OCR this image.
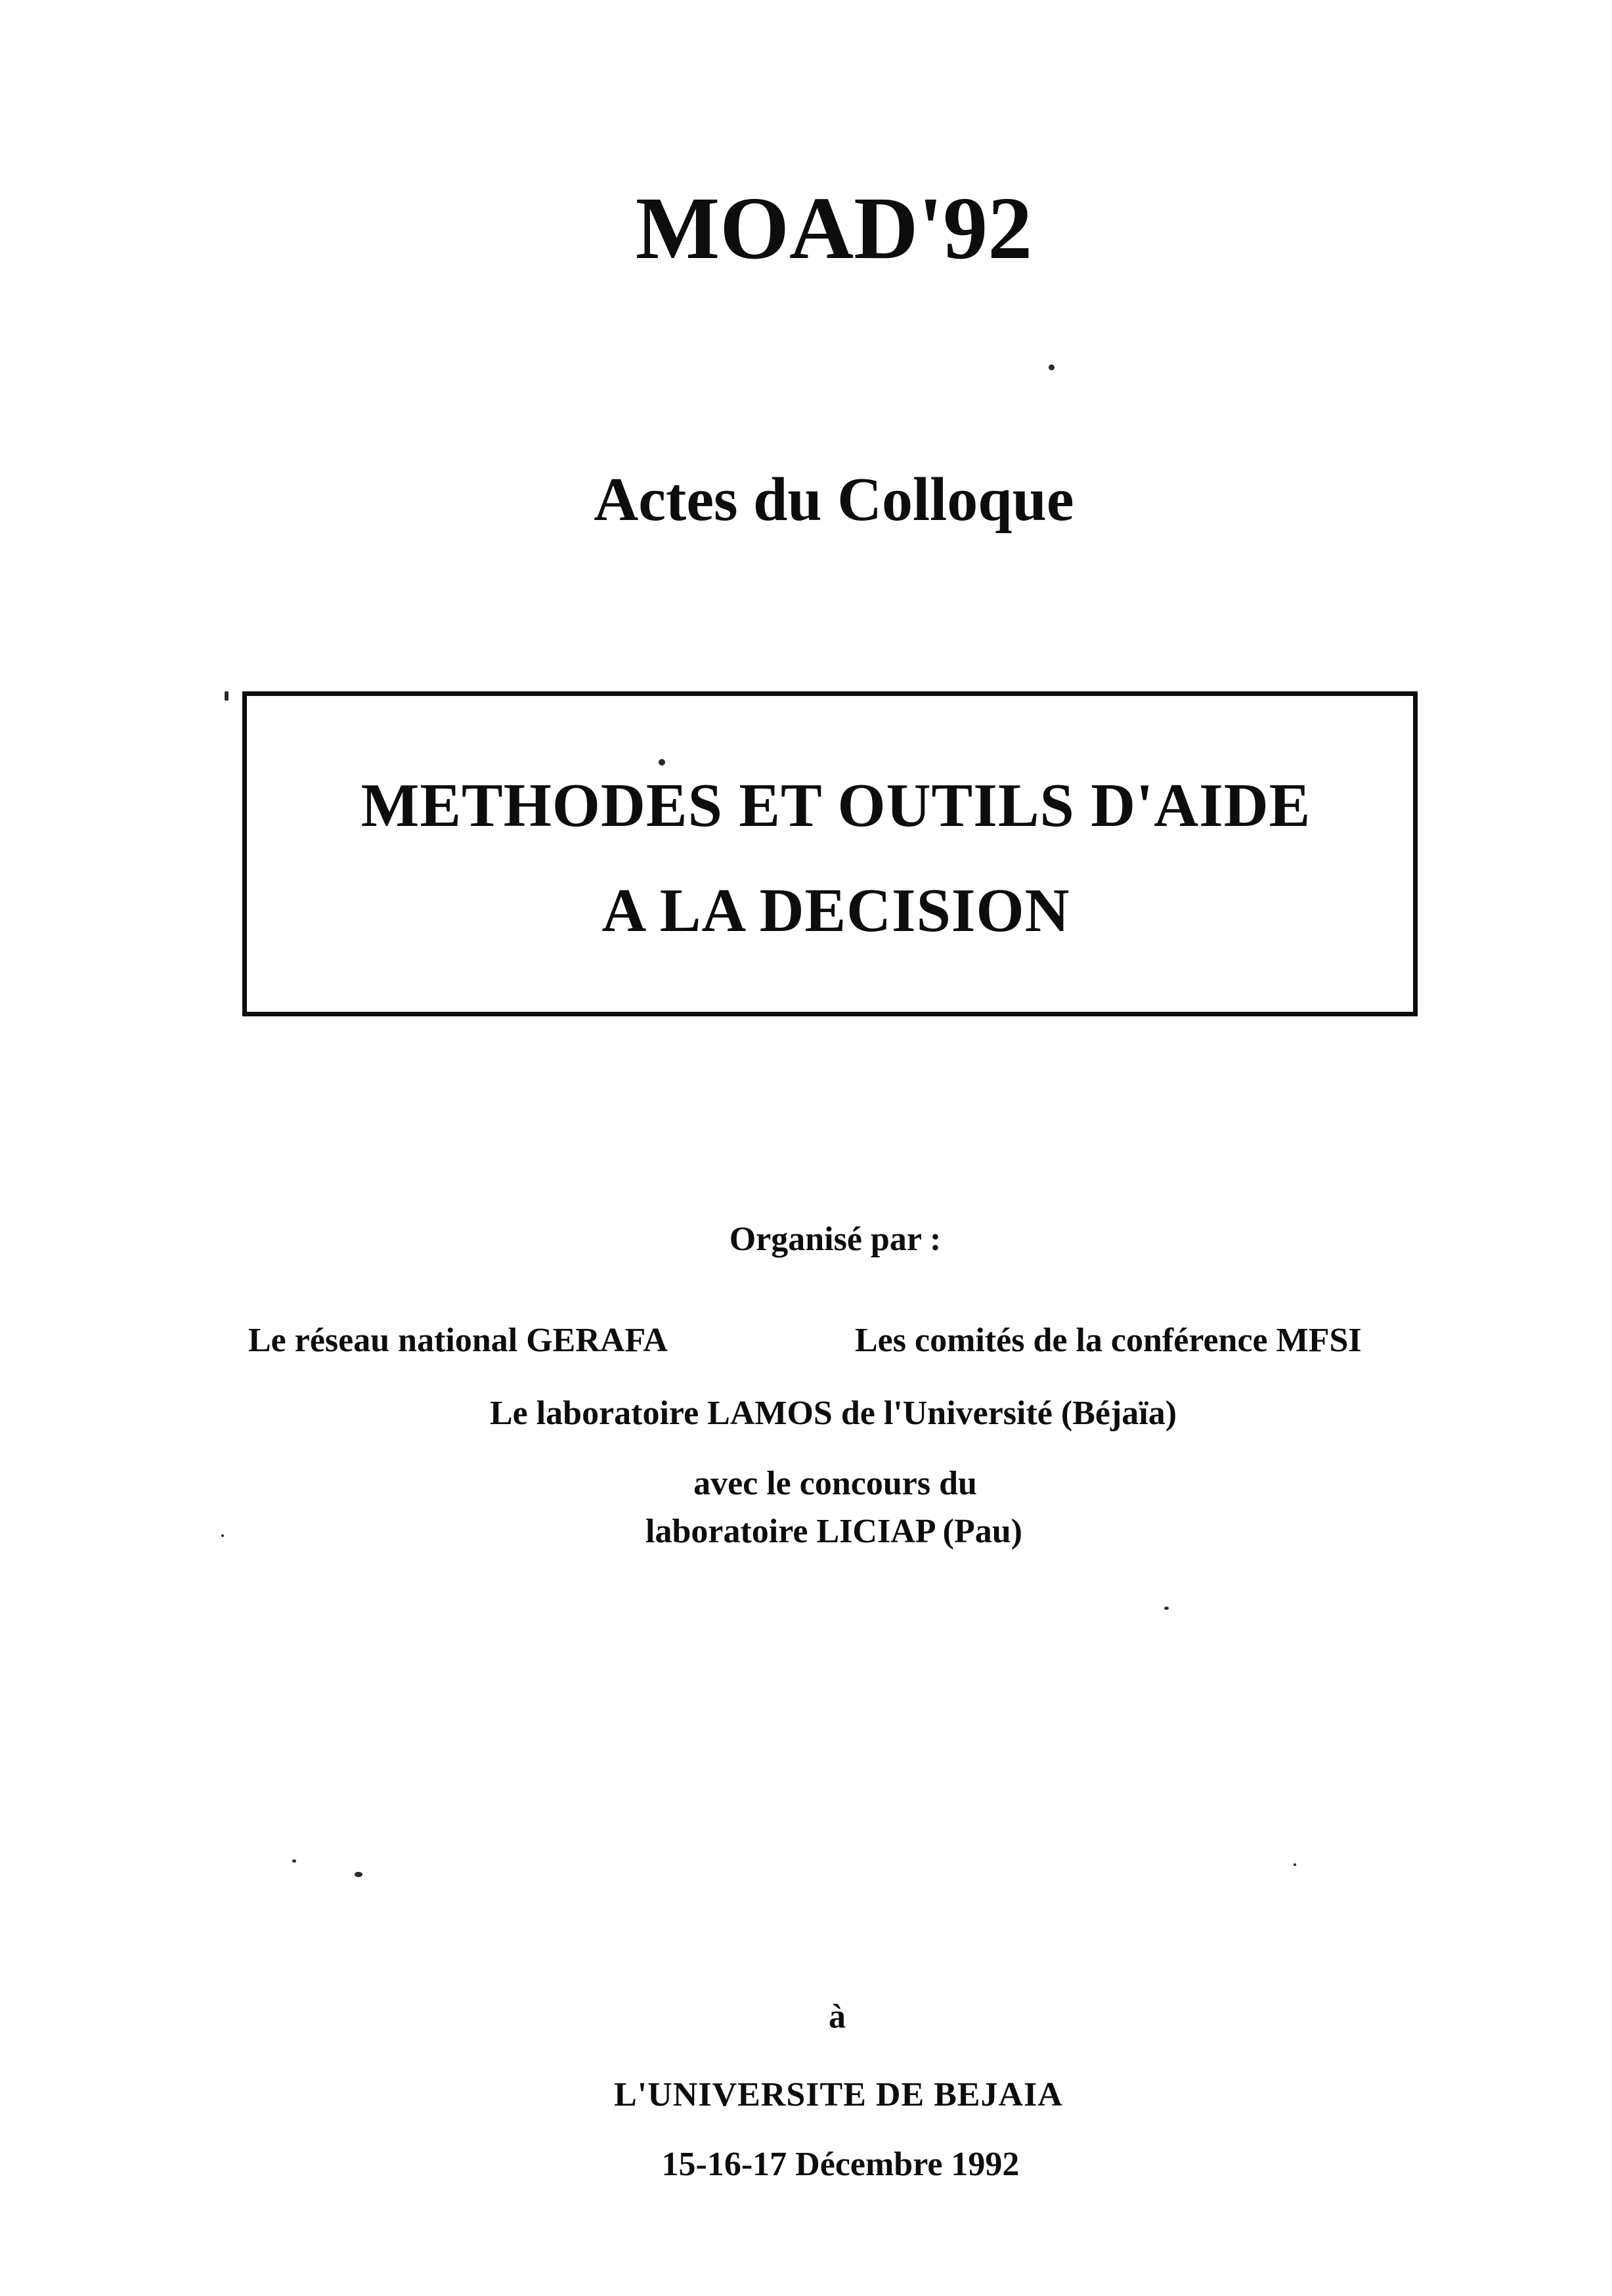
MOAD'92
Actes du Colloque
METHODES ET OUTILS D'AIDE
A LA DECISION
Organisé par :
Le réseau national GERAFA	Les comités de la conférence MFSI
Le laboratoire LAMOS de l'Université (Béjaïa)
avec le concours du
laboratoire LICIAP (Pau)
à
L'UNIVERSITE DE BEJAIA
15-16-17 Décembre 1992
